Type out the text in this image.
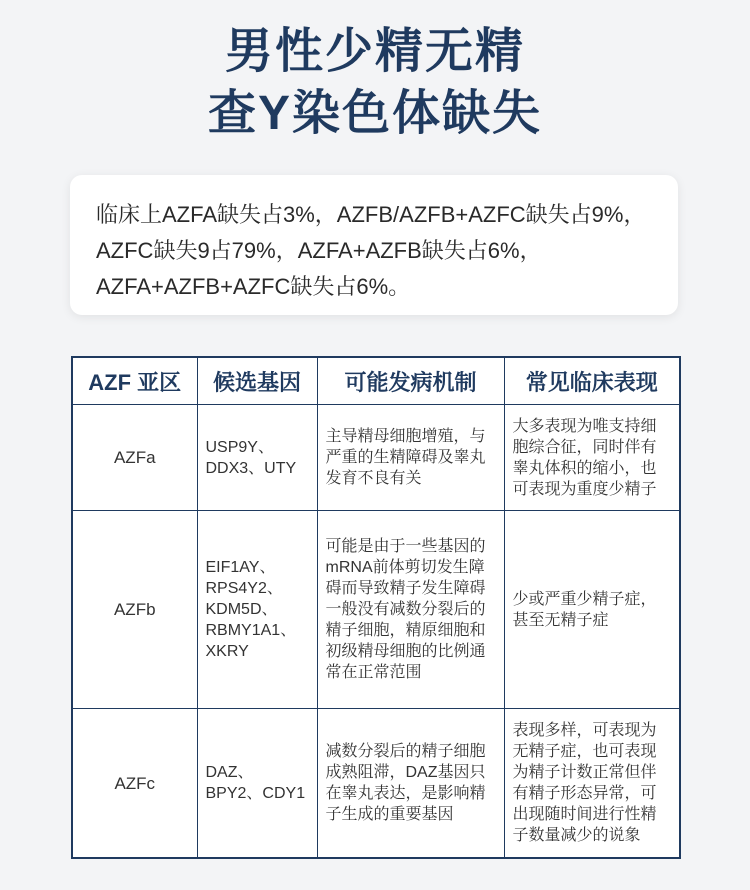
男性少精无精
查Y染色体缺失
临床上AZFA缺失占3%，AZFB/AZFB+AZFC缺失占9%，AZFC缺失9占79%，AZFA+AZFB缺失占6%，AZFA+AZFB+AZFC缺失占6%。
AZF 亚区	候选基因	可能发病机制	常见临床表现
AZFa	USP9Y、DDX3、UTY	主导精母细胞增殖，与严重的生精障碍及睾丸发育不良有关	大多表现为唯支持细胞综合征，同时伴有睾丸体积的缩小，也可表现为重度少精子
AZFb	EIF1AY、RPS4Y2、KDM5D、RBMY1A1、XKRY	可能是由于一些基因的mRNA前体剪切发生障碍而导致精子发生障碍一般没有减数分裂后的精子细胞，精原细胞和初级精母细胞的比例通常在正常范围	少或严重少精子症，甚至无精子症
AZFc	DAZ、BPY2、CDY1	减数分裂后的精子细胞成熟阻滞，DAZ基因只在睾丸表达，是影响精子生成的重要基因	表现多样，可表现为无精子症，也可表现为精子计数正常但伴有精子形态异常，可出现随时间进行性精子数量减少的说象
